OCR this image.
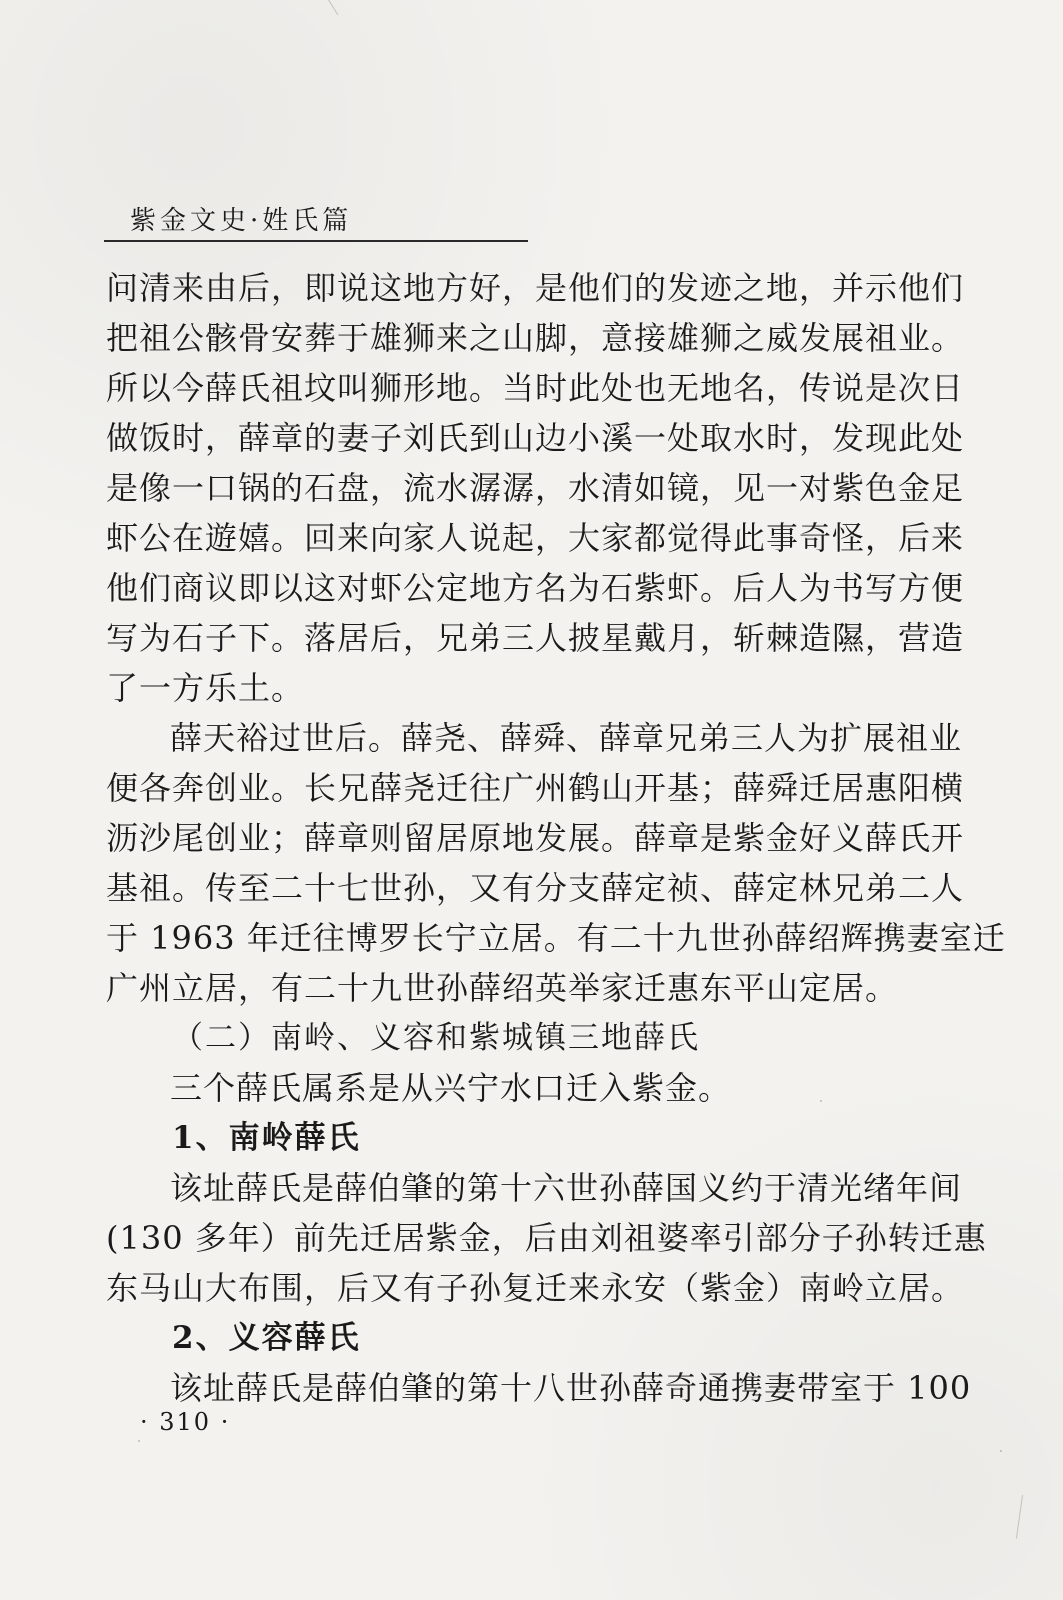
紫金文史·姓氏篇
问清来由后，即说这地方好，是他们的发迹之地，并示他们
把祖公骸骨安葬于雄狮来之山脚，意接雄狮之威发展祖业。
所以今薛氏祖坟叫狮形地。当时此处也无地名，传说是次日
做饭时，薛章的妻子刘氏到山边小溪一处取水时，发现此处
是像一口锅的石盘，流水潺潺，水清如镜，见一对紫色金足
虾公在遊嬉。回来向家人说起，大家都觉得此事奇怪，后来
他们商议即以这对虾公定地方名为石紫虾。后人为书写方便
写为石子下。落居后，兄弟三人披星戴月，斩棘造隰，营造
了一方乐土。
薛天裕过世后。薛尧、薛舜、薛章兄弟三人为扩展祖业
便各奔创业。长兄薛尧迁往广州鹤山开基；薛舜迁居惠阳横
沥沙尾创业；薛章则留居原地发展。薛章是紫金好义薛氏开
基祖。传至二十七世孙，又有分支薛定祯、薛定林兄弟二人
于 1963 年迁往博罗长宁立居。有二十九世孙薛绍辉携妻室迁
广州立居，有二十九世孙薛绍英举家迁惠东平山定居。
（二）南岭、义容和紫城镇三地薛氏
三个薛氏属系是从兴宁水口迁入紫金。
1、南岭薛氏
该址薛氏是薛伯肇的第十六世孙薛国义约于清光绪年间
(130 多年）前先迁居紫金，后由刘祖婆率引部分子孙转迁惠
东马山大布围，后又有子孙复迁来永安（紫金）南岭立居。
2、义容薛氏
该址薛氏是薛伯肇的第十八世孙薛奇通携妻带室于 100
· 310 ·
